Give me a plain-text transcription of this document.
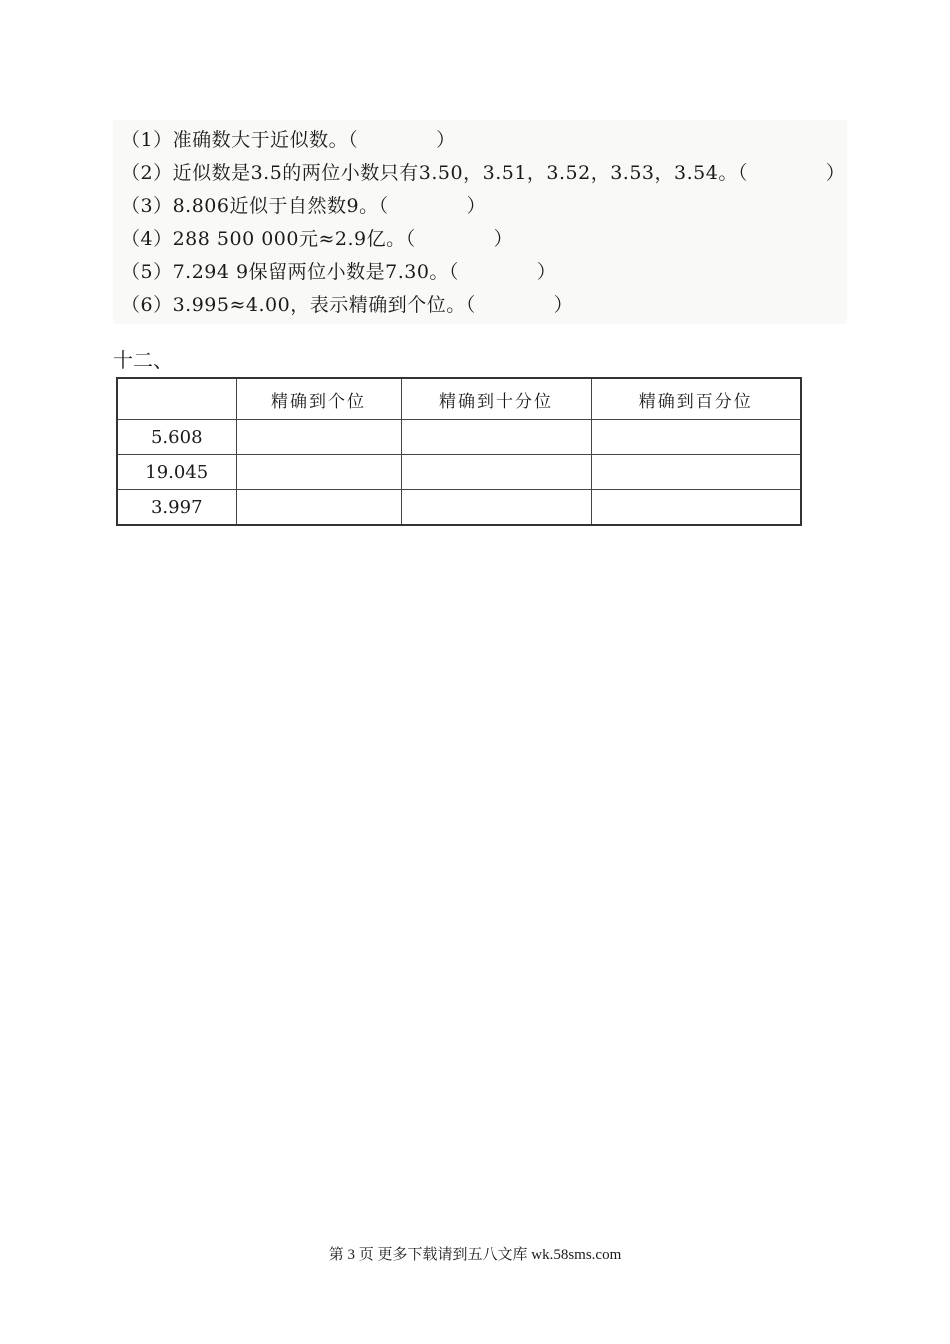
（1）准确数大于近似数。（　　　　）
（2）近似数是3.5的两位小数只有3.50，3.51，3.52，3.53，3.54。（　　　　）
（3）8.806近似于自然数9。（　　　　）
（4）288 500 000元≈2.9亿。（　　　　）
（5）7.294 9保留两位小数是7.30。（　　　　）
（6）3.995≈4.00，表示精确到个位。（　　　　）
十二、
	精确到个位	精确到十分位	精确到百分位
5.608			
19.045			
3.997			
第 3 页 更多下载请到五八文库 wk.58sms.com
